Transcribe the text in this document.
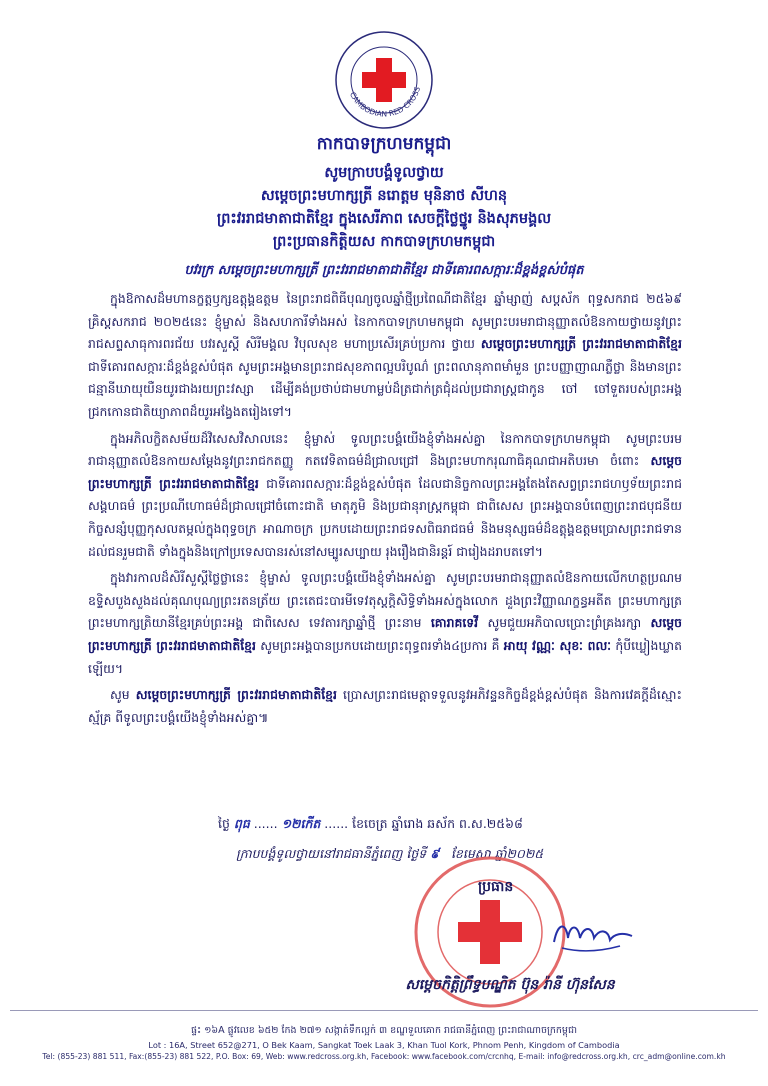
CAMBODIAN RED CROSS
កាកបាទក្រហមកម្ពុជា
សូមក្រាបបង្គំទូលថ្វាយ
សម្តេចព្រះមហាក្សត្រី នរោត្តម មុនិនាថ សីហនុ
ព្រះវររាជមាតាជាតិខ្មែរ ក្នុងសេរីភាព សេចក្តីថ្លៃថ្នូរ និងសុភមង្គល
ព្រះប្រធានកិត្តិយស កាកបាទក្រហមកម្ពុជា
បវរក្រ សម្តេចព្រះមហាក្សត្រី ព្រះវររាជមាតាជាតិខ្មែរ ជាទីគោរពសក្ការៈដ៏ខ្ពង់ខ្ពស់បំផុត

ក្នុងឱកាសដ៏មហានក្ខត្តឫក្សឧត្តុង្គឧត្តម នៃព្រះរាជពិធីបុណ្យចូលឆ្នាំថ្មីប្រពៃណីជាតិខ្មែរ ឆ្នាំម្សាញ់ សប្តស័ក ពុទ្ធសករាជ ២៥៦៩ គ្រិស្តសករាជ ២០២៥នេះ ខ្ញុំម្ចាស់ និងសហការីទាំងអស់ នៃកាកបាទក្រហមកម្ពុជា សូមព្រះបរមរាជានុញ្ញាតលំឱនកាយថ្វាយនូវព្រះរាជសព្ទសាធុការពរជ័យ បវរសួស្តី សិរីមង្គល វិបុលសុខ មហាប្រសើរគ្រប់ប្រការ ថ្វាយ សម្តេចព្រះមហាក្សត្រី ព្រះវររាជមាតាជាតិខ្មែរ ជាទីគោរពសក្ការៈដ៏ខ្ពង់ខ្ពស់បំផុត សូមព្រះអង្គមានព្រះរាជសុខភាពល្អបរិបូណ៌ ព្រះពលានុភាពមាំមួន ព្រះបញ្ញាញាណភ្លឺថ្លា និងមានព្រះជន្មានីឃាយុយឺនយូរជាងរយព្រះវស្សា ដើម្បីគង់ប្រថាប់ជាមហាម្លប់ដ៏ត្រជាក់ត្រជុំដល់ប្រជារាស្ត្រជាកូន ចៅ ចៅទួតរបស់ព្រះអង្គជ្រកកោនជាតិយ្យាភាពដ៏យូរអង្វែងតរៀងទៅ។

ក្នុងអភិលក្ខិតសម័យដ៏វិសេសវិសាលនេះ ខ្ញុំម្ចាស់ ទូលព្រះបង្គំយើងខ្ញុំទាំងអស់គ្នា នៃកាកបាទក្រហមកម្ពុជា សូមព្រះបរមរាជានុញ្ញាតលំឱនកាយសម្តែងនូវព្រះរាជកតញ្ញូ កតវេទិតាធម៌ដ៏ជ្រាលជ្រៅ និងព្រះមហាករុណាធិគុណជាអតិបរមា ចំពោះ សម្តេចព្រះមហាក្សត្រី ព្រះវររាជមាតាជាតិខ្មែរ ជាទីគោរពសក្ការៈដ៏ខ្ពង់ខ្ពស់បំផុត ដែលជានិច្ចកាលព្រះអង្គតែងតែសព្វព្រះរាជហឫទ័យព្រះរាជសង្គហធម៌ ព្រះប្រណីហោធម៌ដ៏ជ្រាលជ្រៅចំពោះជាតិ មាតុភូមិ និងប្រជានុរាស្ត្រកម្ពុជា ជាពិសេស ព្រះអង្គបានបំពេញព្រះរាជបុជនីយកិច្ចសន្សំបុញ្ញកុសលតម្កល់ក្នុងពុទ្ធចក្រ អាណាចក្រ ប្រកបដោយព្រះរាជទសពិធរាជធម៌ និងមនុស្សធម៌ដ៏ឧត្តុង្គឧត្តមប្រោសព្រះរាជទានដល់ជនរួមជាតិ ទាំងក្នុងនិងក្រៅប្រទេសបានរស់នៅសម្បូរសប្បាយ រុងរឿងជានិរន្តរ៍ ជារៀងដរាបតទៅ។

ក្នុងវារកាលដ៏សិរីសួស្តីថ្លៃថ្លានេះ ខ្ញុំម្ចាស់ ទូលព្រះបង្គំយើងខ្ញុំទាំងអស់គ្នា សូមព្រះបរមរាជានុញ្ញាតលំឱនកាយលើកហត្ថប្រណមឧទ្ទិសបួងសួងដល់គុណបុណ្យព្រះរតនត្រ័យ ព្រះតេជះបារមីទេវតុស្តក្តិសិទ្ធិទាំងអស់ក្នុងលោក ដួងព្រះវិញ្ញាណក្ខន្ធអតីត ព្រះមហាក្សត្រ ព្រះមហាក្សត្រិយានីខ្មែរគ្រប់ព្រះអង្គ ជាពិសេស ទេវតារក្សាឆ្នាំថ្មី ព្រះនាម គោរាគទេវី សូមជួយអភិបាលប្រោះព្រំគ្រងរក្សា សម្តេចព្រះមហាក្សត្រី ព្រះវររាជមាតាជាតិខ្មែរ សូមព្រះអង្គបានប្រកបដោយព្រះពុទ្ធពរទាំង៤ប្រការ គឺ អាយុ វណ្ណៈ សុខៈ ពលៈ កុំបីឃ្លៀងឃ្លាតឡើយ។

សូម សម្តេចព្រះមហាក្សត្រី ព្រះវររាជមាតាជាតិខ្មែរ ប្រោសព្រះរាជមេត្តាទទួលនូវអភិវន្ទនកិច្ចដ៏ខ្ពង់ខ្ពស់បំផុត និងការវេគក្តីដ៏ស្មោះស្ម័គ្រ ពីទូលព្រះបង្គំយើងខ្ញុំទាំងអស់គ្នា៕

ថ្ងៃ ពុធ ...... ១២កើត ...... ខែចេត្រ ឆ្នាំរោង ឆស័ក ព.ស.២៥៦៨
ក្រាបបង្គំទូលថ្វាយនៅរាជធានីភ្នំពេញ ថ្ងៃទី ៩ ខែមេសា ឆ្នាំ២០២៥
ប្រធាន
សម្តេចកិត្តិព្រឹទ្ធបណ្ឌិត ប៊ុន រ៉ានី ហ៊ុនសែន
ផ្ទះ ១៦A ផ្លូវលេខ ៦៥២ កែង ២៧១ សង្កាត់ទឹកល្អក់ ៣ ខណ្ឌទួលគោក រាជធានីភ្នំពេញ ព្រះរាជាណាចក្រកម្ពុជា
Lot : 16A, Street 652@271, O Bek Kaam, Sangkat Toek Laak 3, Khan Tuol Kork, Phnom Penh, Kingdom of Cambodia
Tel: (855-23) 881 511, Fax:(855-23) 881 522, P.O. Box: 69, Web: www.redcross.org.kh, Facebook: www.facebook.com/crcnhq, E-mail: info@redcross.org.kh, crc_adm@online.com.kh
